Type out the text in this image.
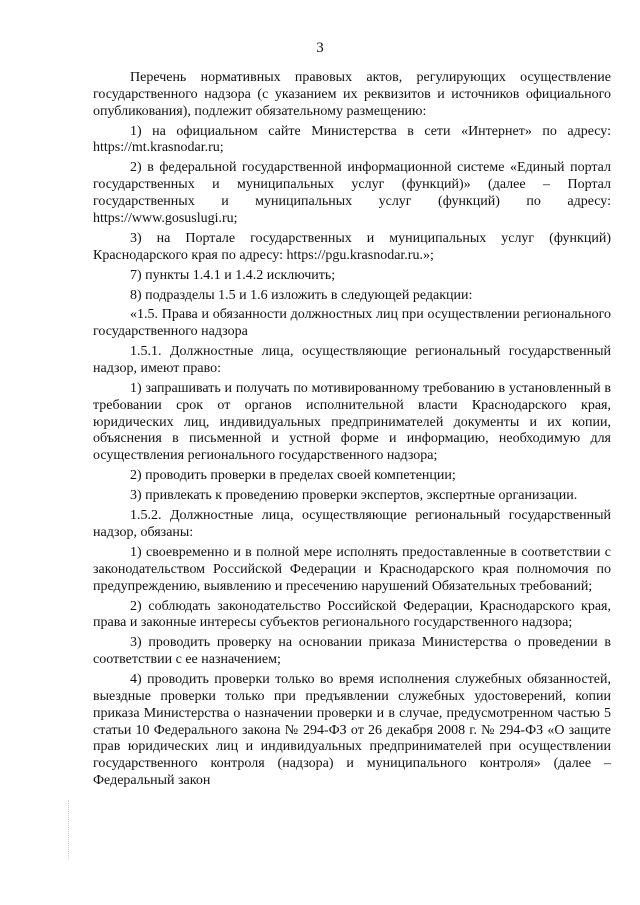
3

Перечень нормативных правовых актов, регулирующих осуществление государственного надзора (с указанием их реквизитов и источников официального опубликования), подлежит обязательному размещению:

1) на официальном сайте Министерства в сети «Интернет» по адресу: https://mt.krasnodar.ru;

2) в федеральной государственной информационной системе «Единый портал государственных и муниципальных услуг (функций)» (далее – Портал государственных и муниципальных услуг (функций) по адресу: https://www.gosuslugi.ru;

3) на Портале государственных и муниципальных услуг (функций) Краснодарского края по адресу: https://pgu.krasnodar.ru.»;

7) пункты 1.4.1 и 1.4.2 исключить;

8) подразделы 1.5 и 1.6 изложить в следующей редакции:

«1.5. Права и обязанности должностных лиц при осуществлении регионального государственного надзора

1.5.1. Должностные лица, осуществляющие региональный государственный надзор, имеют право:

1) запрашивать и получать по мотивированному требованию в установленный в требовании срок от органов исполнительной власти Краснодарского края, юридических лиц, индивидуальных предпринимателей документы и их копии, объяснения в письменной и устной форме и информацию, необходимую для осуществления регионального государственного надзора;

2) проводить проверки в пределах своей компетенции;

3) привлекать к проведению проверки экспертов, экспертные организации.

1.5.2. Должностные лица, осуществляющие региональный государственный надзор, обязаны:

1) своевременно и в полной мере исполнять предоставленные в соответствии с законодательством Российской Федерации и Краснодарского края полномочия по предупреждению, выявлению и пресечению нарушений Обязательных требований;

2) соблюдать законодательство Российской Федерации, Краснодарского края, права и законные интересы субъектов регионального государственного надзора;

3) проводить проверку на основании приказа Министерства о проведении в соответствии с ее назначением;

4) проводить проверки только во время исполнения служебных обязанностей, выездные проверки только при предъявлении служебных удостоверений, копии приказа Министерства о назначении проверки и в случае, предусмотренном частью 5 статьи 10 Федерального закона № 294-ФЗ от 26 декабря 2008 г. № 294-ФЗ «О защите прав юридических лиц и индивидуальных предпринимателей при осуществлении государственного контроля (надзора) и муниципального контроля» (далее – Федеральный закон
